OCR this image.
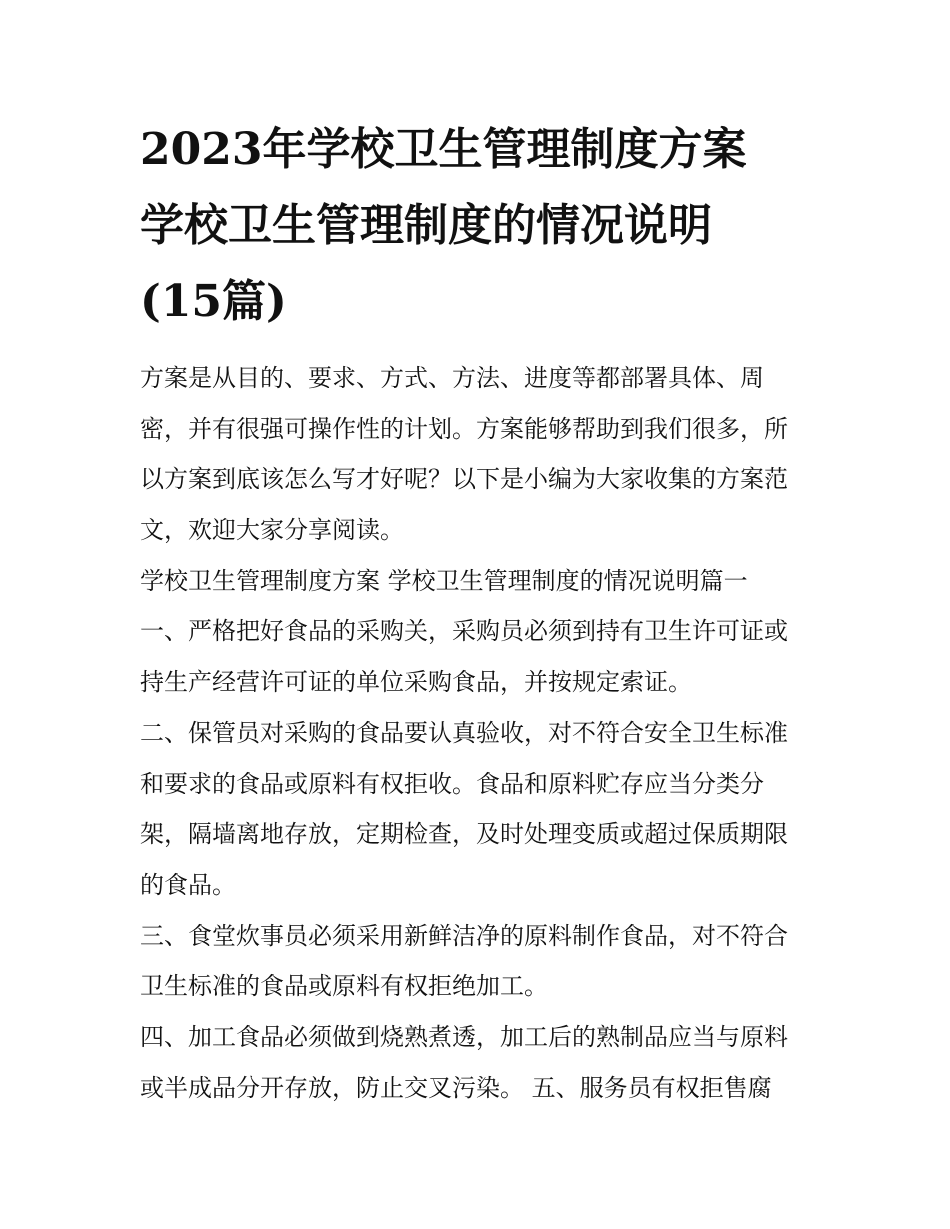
2023年学校卫生管理制度方案
学校卫生管理制度的情况说明
(15篇)
方案是从目的、要求、方式、方法、进度等都部署具体、周
密，并有很强可操作性的计划。方案能够帮助到我们很多，所
以方案到底该怎么写才好呢？以下是小编为大家收集的方案范
文，欢迎大家分享阅读。
学校卫生管理制度方案 学校卫生管理制度的情况说明篇一
一、严格把好食品的采购关，采购员必须到持有卫生许可证或
持生产经营许可证的单位采购食品，并按规定索证。
二、保管员对采购的食品要认真验收，对不符合安全卫生标准
和要求的食品或原料有权拒收。食品和原料贮存应当分类分
架，隔墙离地存放，定期检查，及时处理变质或超过保质期限
的食品。
三、食堂炊事员必须采用新鲜洁净的原料制作食品，对不符合
卫生标准的食品或原料有权拒绝加工。
四、加工食品必须做到烧熟煮透，加工后的熟制品应当与原料
或半成品分开存放，防止交叉污染。 五、服务员有权拒售腐
